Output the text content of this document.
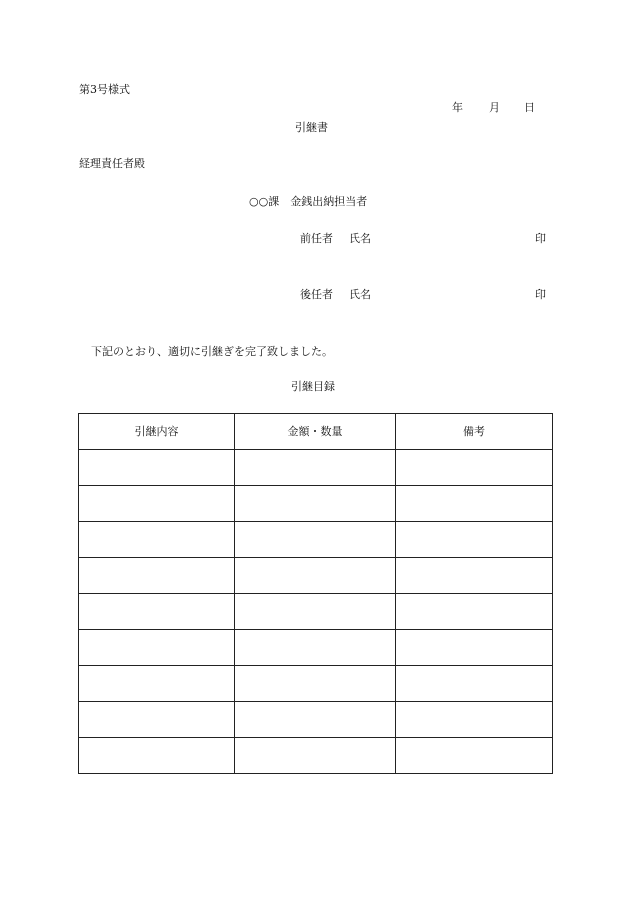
第3号様式
年 月 日
引継書
経理責任者殿
○○課　金銭出納担当者
前任者 氏名	印
後任者 氏名	印
下記のとおり、適切に引継ぎを完了致しました。
引継目録
引継内容	金額・数量	備考
